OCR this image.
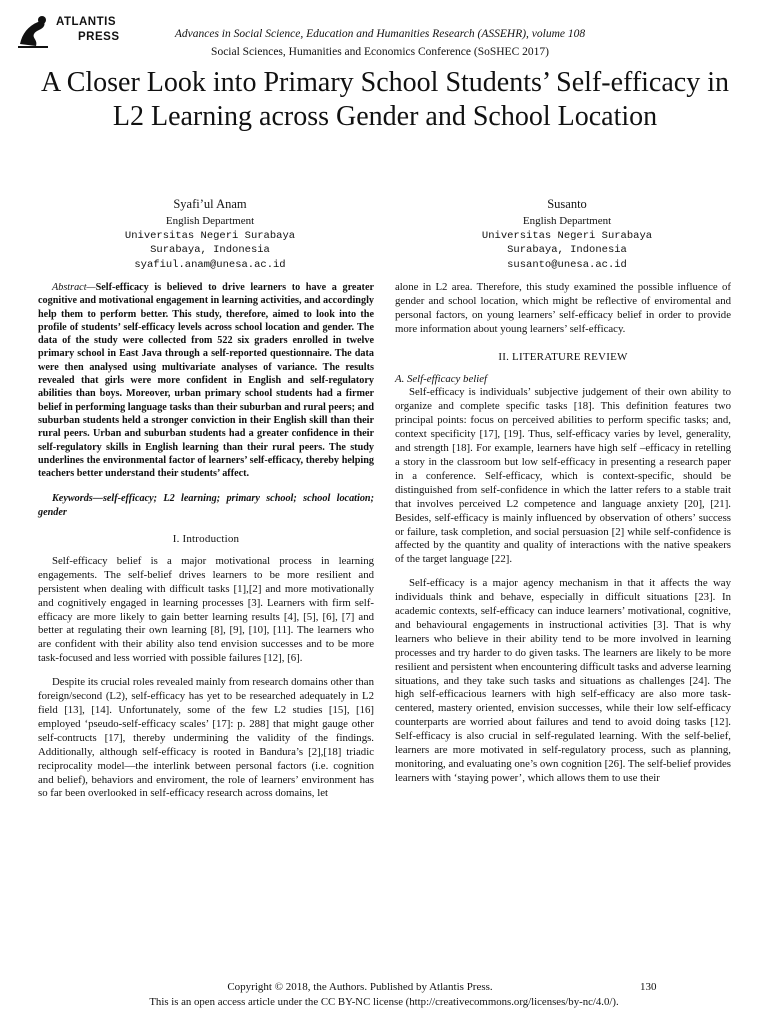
ATLANTIS
PRESS	Advances in Social Science, Education and Humanities Research (ASSEHR), volume 108
Social Sciences, Humanities and Economics Conference (SoSHEC 2017)
A Closer Look into Primary School Students’ Self-efficacy in L2 Learning across Gender and School Location
Syafi’ul Anam
English Department
Universitas Negeri Surabaya
Surabaya, Indonesia
syafiul.anam@unesa.ac.id
Susanto
English Department
Universitas Negeri Surabaya
Surabaya, Indonesia
susanto@unesa.ac.id

Abstract—Self-efficacy is believed to drive learners to have a greater cognitive and motivational engagement in learning activities, and accordingly help them to perform better. This study, therefore, aimed to look into the profile of students’ self-efficacy levels across school location and gender. The data of the study were collected from 522 six graders enrolled in twelve primary school in East Java through a self-reported questionnaire. The data were then analysed using multivariate analyses of variance. The results revealed that girls were more confident in English and self-regulatory abilities than boys. Moreover, urban primary school students had a firmer belief in performing language tasks than their suburban and rural peers; and suburban students held a stronger conviction in their English skill than their rural peers. Urban and suburban students had a greater confidence in their self-regulatory skills in English learning than their rural peers. The study underlines the environmental factor of learners’ self-efficacy, thereby helping teachers better understand their students’ affect.

Keywords—self-efficacy; L2 learning; primary school; school location; gender

I. Introduction

Self-efficacy belief is a major motivational process in learning engagements. The self-belief drives learners to be more resilient and persistent when dealing with difficult tasks [1],[2] and more motivationally and cognitively engaged in learning processes [3]. Learners with firm self-efficacy are more likely to gain better learning results [4], [5], [6], [7] and better at regulating their own learning [8], [9], [10], [11]. The learners who are confident with their ability also tend envision successes and to be more task-focused and less worried with possible failures [12], [6].

Despite its crucial roles revealed mainly from research domains other than foreign/second (L2), self-efficacy has yet to be researched adequately in L2 field [13], [14]. Unfortunately, some of the few L2 studies [15], [16] employed ‘pseudo-self-efficacy scales’ [17]: p. 288] that might gauge other self-contructs [17], thereby undermining the validity of the findings. Additionally, although self-efficacy is rooted in Bandura’s [2],[18] triadic reciprocality model—the interlink between personal factors (i.e. cognition and belief), behaviors and enviroment, the role of learners’ environment has so far been overlooked in self-efficacy research across domains, let

alone in L2 area. Therefore, this study examined the possible influence of gender and school location, which might be reflective of enviromental and personal factors, on young learners’ self-efficacy belief in order to provide more information about young learners’ self-efficacy.

II. LITERATURE REVIEW

A. Self-efficacy belief

Self-efficacy is individuals’ subjective judgement of their own ability to organize and complete specific tasks [18]. This definition features two principal points: focus on perceived abilities to perform specific tasks; and, context specificity [17], [19]. Thus, self-efficacy varies by level, generality, and strength [18]. For example, learners have high self –efficacy in retelling a story in the classroom but low self-efficacy in presenting a research paper in a conference. Self-efficacy, which is context-specific, should be distinguished from self-confidence in which the latter refers to a stable trait that involves perceived L2 competence and language anxiety [20], [21]. Besides, self-efficacy is mainly influenced by observation of others’ success or failure, task completion, and social persuasion [2] while self-confidence is affected by the quantity and quality of interactions with the native speakers of the target language [22].

Self-efficacy is a major agency mechanism in that it affects the way individuals think and behave, especially in difficult situations [23]. In academic contexts, self-efficacy can induce learners’ motivational, cognitive, and behavioural engagements in instructional activities [3]. That is why learners who believe in their ability tend to be more involved in learning processes and try harder to do given tasks. The learners are likely to be more resilient and persistent when encountering difficult tasks and adverse learning situations, and they take such tasks and situations as challenges [24]. The high self-efficacious learners with high self-efficacy are also more task-centered, mastery oriented, envision successes, while their low self-efficacy counterparts are worried about failures and tend to avoid doing tasks [12]. Self-efficacy is also crucial in self-regulated learning. With the self-belief, learners are more motivated in self-regulatory process, such as planning, monitoring, and evaluating one’s own cognition [26]. The self-belief provides learners with ‘staying power’, which allows them to use their

Copyright © 2018, the Authors. Published by Atlantis Press.	130
This is an open access article under the CC BY-NC license (http://creativecommons.org/licenses/by-nc/4.0/).
